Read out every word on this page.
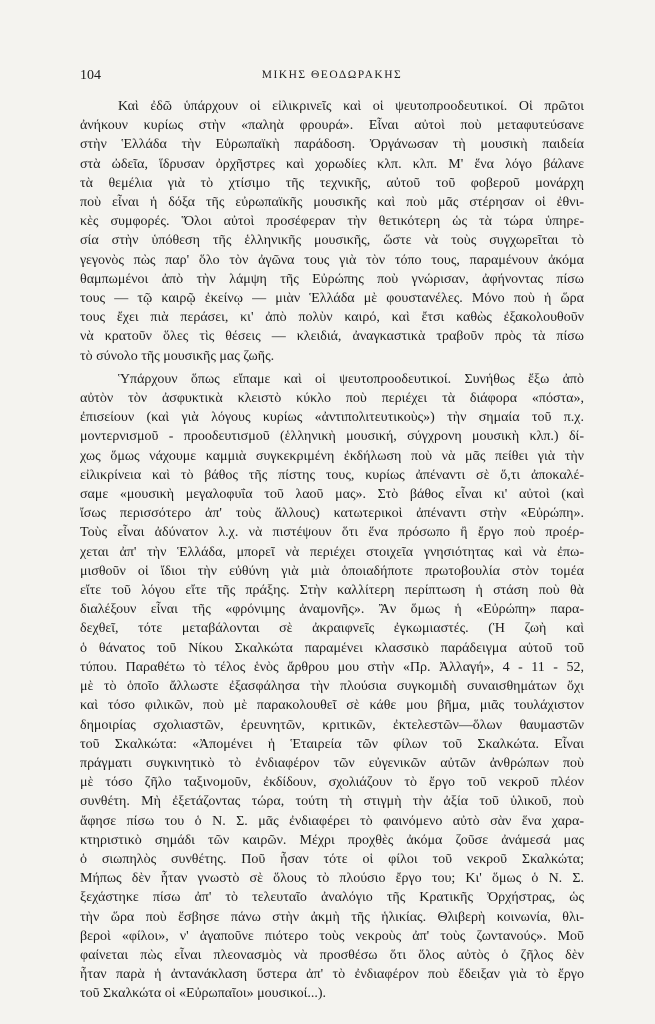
104	ΜΙΚΗΣ ΘΕΟΔΩΡΑΚΗΣ

Καὶ ἐδῶ ὑπάρχουν οἱ εἰλικρινεῖς καὶ οἱ ψευτοπροοδευτικοί. Οἱ πρῶτοι
ἀνήκουν κυρίως στὴν «παληὰ φρουρά». Εἶναι αὐτοὶ ποὺ μεταφυτεύσανε
στὴν Ἑλλάδα τὴν Εὐρωπαϊκὴ παράδοση. Ὀργάνωσαν τὴ μουσικὴ παιδεία
στὰ ὠδεῖα, ἵδρυσαν ὀρχῆστρες καὶ χορωδίες κλπ. κλπ. Μ' ἕνα λόγο βάλανε
τὰ θεμέλια γιὰ τὸ χτίσιμο τῆς τεχνικῆς, αὐτοῦ τοῦ φοβεροῦ μονάρχη
ποὺ εἶναι ἡ δόξα τῆς εὐρωπαϊκῆς μουσικῆς καὶ ποὺ μᾶς στέρησαν οἱ ἐθνι-
κὲς συμφορές. Ὅλοι αὐτοὶ προσέφεραν τὴν θετικότερη ὡς τὰ τώρα ὑπηρε-
σία στὴν ὑπόθεση τῆς ἑλληνικῆς μουσικῆς, ὥστε νὰ τοὺς συγχωρεῖται τὸ
γεγονὸς πὼς παρ' ὅλο τὸν ἀγῶνα τους γιὰ τὸν τόπο τους, παραμένουν ἀκόμα
θαμπωμένοι ἀπὸ τὴν λάμψη τῆς Εὐρώπης ποὺ γνώρισαν, ἀφήνοντας πίσω
τους — τῷ καιρῷ ἐκείνῳ — μιὰν Ἑλλάδα μὲ φουστανέλες. Μόνο ποὺ ἡ ὥρα
τους ἔχει πιὰ περάσει, κι' ἀπὸ πολὺν καιρό, καὶ ἔτσι καθὼς ἐξακολουθοῦν
νὰ κρατοῦν ὅλες τὶς θέσεις — κλειδιά, ἀναγκαστικὰ τραβοῦν πρὸς τὰ πίσω
τὸ σύνολο τῆς μουσικῆς μας ζωῆς.

Ὑπάρχουν ὅπως εἴπαμε καὶ οἱ ψευτοπροοδευτικοί. Συνήθως ἔξω ἀπὸ
αὐτὸν τὸν ἀσφυκτικὰ κλειστὸ κύκλο ποὺ περιέχει τὰ διάφορα «πόστα»,
ἐπισείουν (καὶ γιὰ λόγους κυρίως «ἀντιπολιτευτικοὺς») τὴν σημαία τοῦ π.χ.
μοντερνισμοῦ - προοδευτισμοῦ (ἑλληνικὴ μουσική, σύγχρονη μουσικὴ κλπ.) δί-
χως ὅμως νάχουμε καμμιὰ συγκεκριμένη ἐκδήλωση ποὺ νὰ μᾶς πείθει γιὰ τὴν
εἰλικρίνεια καὶ τὸ βάθος τῆς πίστης τους, κυρίως ἀπέναντι σὲ ὅ,τι ἀποκαλέ-
σαμε «μουσικὴ μεγαλοφυΐα τοῦ λαοῦ μας». Στὸ βάθος εἶναι κι' αὐτοὶ (καὶ
ἴσως περισσότερο ἀπ' τοὺς ἄλλους) κατωτερικοὶ ἀπέναντι στὴν «Εὐρώπη».
Τοὺς εἶναι ἀδύνατον λ.χ. νὰ πιστέψουν ὅτι ἕνα πρόσωπο ἢ ἔργο ποὺ προέρ-
χεται ἀπ' τὴν Ἑλλάδα, μπορεῖ νὰ περιέχει στοιχεῖα γνησιότητας καὶ νὰ ἐπω-
μισθοῦν οἱ ἴδιοι τὴν εὐθύνη γιὰ μιὰ ὁποιαδήποτε πρωτοβουλία στὸν τομέα
εἴτε τοῦ λόγου εἴτε τῆς πράξης. Στὴν καλλίτερη περίπτωση ἡ στάση ποὺ θὰ
διαλέξουν εἶναι τῆς «φρόνιμης ἀναμονῆς». Ἂν ὅμως ἡ «Εὐρώπη» παρα-
δεχθεῖ, τότε μεταβάλονται σὲ ἀκραιφνεῖς ἐγκωμιαστές. (Ἡ ζωὴ καὶ
ὁ θάνατος τοῦ Νίκου Σκαλκώτα παραμένει κλασσικὸ παράδειγμα αὐτοῦ τοῦ
τύπου. Παραθέτω τὸ τέλος ἑνὸς ἄρθρου μου στὴν «Πρ. Ἀλλαγή», 4 - 11 - 52,
μὲ τὸ ὁποῖο ἄλλωστε ἐξασφάλησα τὴν πλούσια συγκομιδὴ συναισθημάτων ὄχι
καὶ τόσο φιλικῶν, ποὺ μὲ παρακολουθεῖ σὲ κάθε μου βῆμα, μιᾶς τουλάχιστον
δημοιρίας σχολιαστῶν, ἐρευνητῶν, κριτικῶν, ἐκτελεστῶν—ὅλων θαυμαστῶν
τοῦ Σκαλκώτα: «Ἀπομένει ἡ Ἑταιρεία τῶν φίλων τοῦ Σκαλκώτα. Εἶναι
πράγματι συγκινητικὸ τὸ ἐνδιαφέρον τῶν εὐγενικῶν αὐτῶν ἀνθρώπων ποὺ
μὲ τόσο ζῆλο ταξινομοῦν, ἐκδίδουν, σχολιάζουν τὸ ἔργο τοῦ νεκροῦ πλέον
συνθέτη. Μὴ ἐξετάζοντας τώρα, τούτη τὴ στιγμὴ τὴν ἀξία τοῦ ὑλικοῦ, ποὺ
ἄφησε πίσω του ὁ Ν. Σ. μᾶς ἐνδιαφέρει τὸ φαινόμενο αὐτὸ σὰν ἕνα χαρα-
κτηριστικὸ σημάδι τῶν καιρῶν. Μέχρι προχθὲς ἀκόμα ζοῦσε ἀνάμεσά μας
ὁ σιωπηλὸς συνθέτης. Ποῦ ἦσαν τότε οἱ φίλοι τοῦ νεκροῦ Σκαλκώτα;
Μήπως δὲν ἦταν γνωστὸ σὲ ὅλους τὸ πλούσιο ἔργο του; Κι' ὅμως ὁ Ν. Σ.
ξεχάστηκε πίσω ἀπ' τὸ τελευταῖο ἀναλόγιο τῆς Κρατικῆς Ὀρχήστρας, ὡς
τὴν ὥρα ποὺ ἔσβησε πάνω στὴν ἀκμὴ τῆς ἡλικίας. Θλιβερὴ κοινωνία, θλι-
βεροὶ «φίλοι», ν' ἀγαποῦνε πιότερο τοὺς νεκροὺς ἀπ' τοὺς ζωντανούς». Μοῦ
φαίνεται πὼς εἶναι πλεονασμὸς νὰ προσθέσω ὅτι ὅλος αὐτὸς ὁ ζῆλος δὲν
ἦταν παρὰ ἡ ἀντανάκλαση ὕστερα ἀπ' τὸ ἐνδιαφέρον ποὺ ἔδειξαν γιὰ τὸ ἔργο
τοῦ Σκαλκώτα οἱ «Εὐρωπαῖοι» μουσικοί...).
